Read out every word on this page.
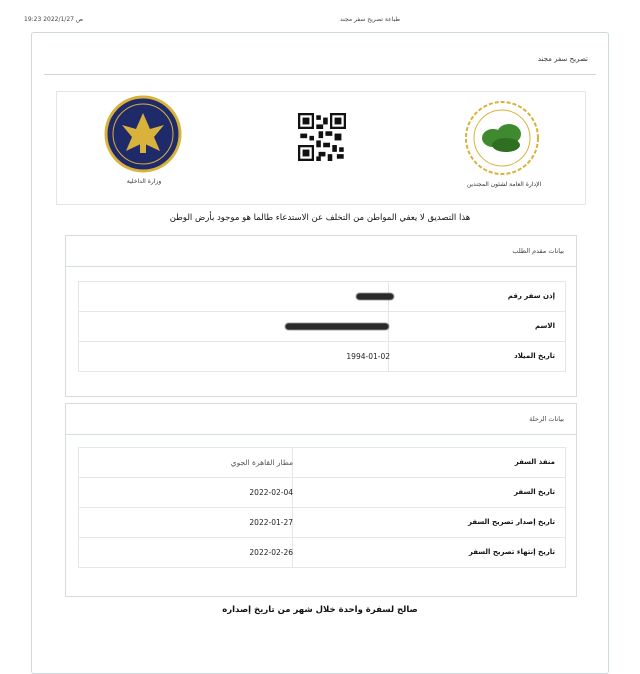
19:23 2022/1/27 ص	طباعة تصريح سفر مجند
تصريح سفر مجند
وزارة الداخلية	الإدارة العامة لشئون المجندين
هذا التصديق لا يعفي المواطن من التخلف عن الاستدعاء طالما هو موجود بأرض الوطن
بيانات مقدم الطلب
إذن سفر رقم
الاسم
تاريخ الميلاد
1994-01-02
بيانات الرحلة
منفذ السفر
مطار القاهرة الجوي
تاريخ السفر
2022-02-04
تاريخ إصدار تصريح السفر
2022-01-27
تاريخ إنتهاء تصريح السفر
2022-02-26
صالح لسفرة واحدة خلال شهر من تاريخ إصداره
